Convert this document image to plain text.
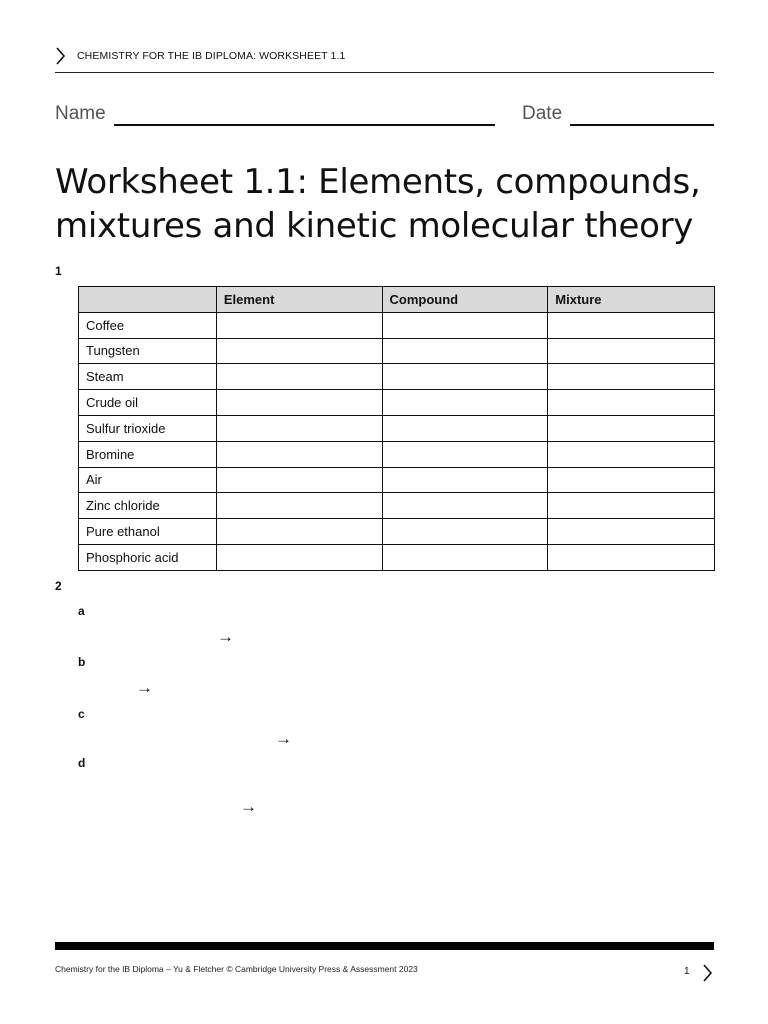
CHEMISTRY FOR THE IB DIPLOMA: WORKSHEET 1.1
Name	Date
Worksheet 1.1: Elements, compounds,
mixtures and kinetic molecular theory
1
	Element	Compound	Mixture
Coffee			
Tungsten			
Steam			
Crude oil			
Sulfur trioxide			
Bromine			
Air			
Zinc chloride			
Pure ethanol			
Phosphoric acid			
2
a
→
b
→
c
→
d
→
Chemistry for the IB Diploma – Yu & Fletcher © Cambridge University Press & Assessment 2023	1
